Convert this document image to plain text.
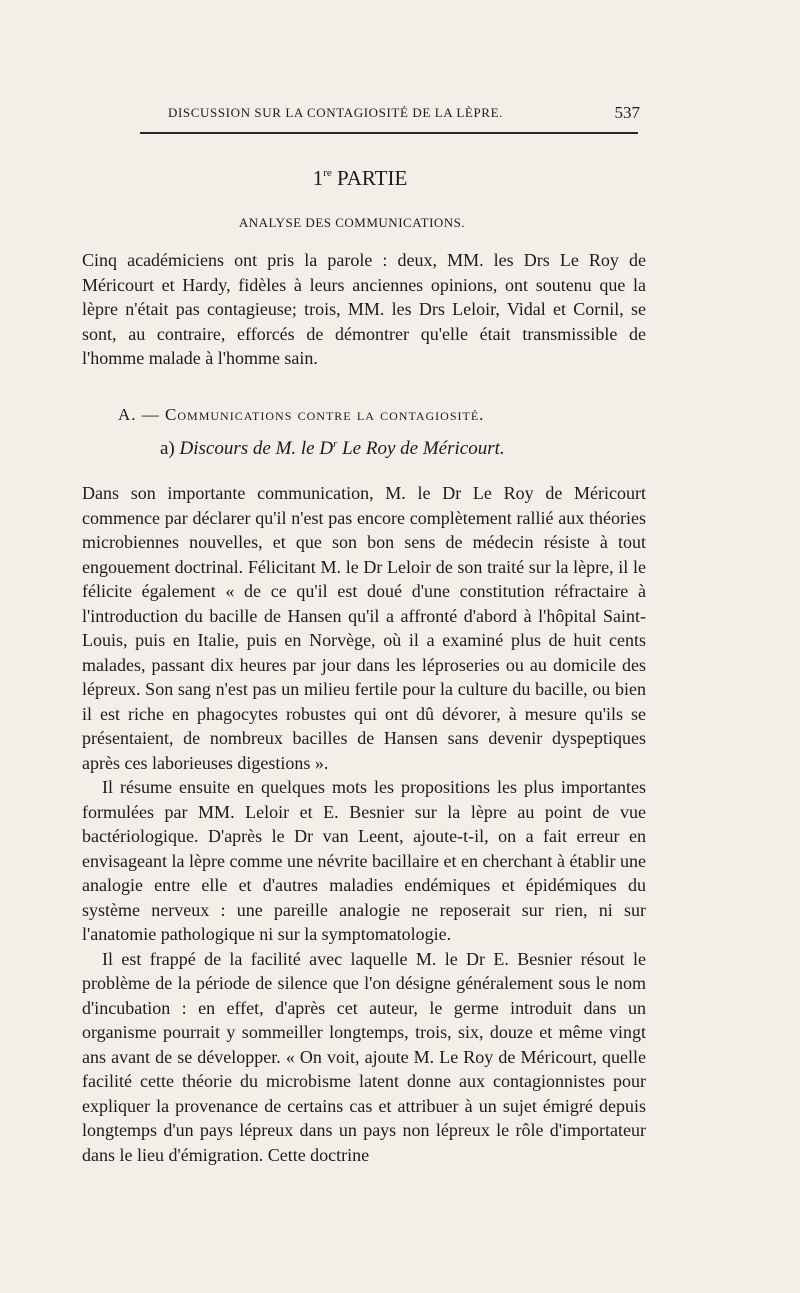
DISCUSSION SUR LA CONTAGIOSITÉ DE LA LÈPRE.	537
1re PARTIE
ANALYSE DES COMMUNICATIONS.

Cinq académiciens ont pris la parole : deux, MM. les Drs Le Roy de Méricourt et Hardy, fidèles à leurs anciennes opinions, ont soutenu que la lèpre n'était pas contagieuse; trois, MM. les Drs Leloir, Vidal et Cornil, se sont, au contraire, efforcés de démontrer qu'elle était transmissible de l'homme malade à l'homme sain.

A. — Communications contre la contagiosité.
a) Discours de M. le $D^r$ Le Roy de Méricourt.

Dans son importante communication, M. le Dr Le Roy de Méricourt commence par déclarer qu'il n'est pas encore complètement rallié aux théories microbiennes nouvelles, et que son bon sens de médecin résiste à tout engouement doctrinal. Félicitant M. le Dr Leloir de son traité sur la lèpre, il le félicite également « de ce qu'il est doué d'une constitution réfractaire à l'introduction du bacille de Hansen qu'il a affronté d'abord à l'hôpital Saint-Louis, puis en Italie, puis en Norvège, où il a examiné plus de huit cents malades, passant dix heures par jour dans les léproseries ou au domicile des lépreux. Son sang n'est pas un milieu fertile pour la culture du bacille, ou bien il est riche en phagocytes robustes qui ont dû dévorer, à mesure qu'ils se présentaient, de nombreux bacilles de Hansen sans devenir dyspeptiques après ces laborieuses digestions ».

Il résume ensuite en quelques mots les propositions les plus importantes formulées par MM. Leloir et E. Besnier sur la lèpre au point de vue bactériologique. D'après le Dr van Leent, ajoute-t-il, on a fait erreur en envisageant la lèpre comme une névrite bacillaire et en cherchant à établir une analogie entre elle et d'autres maladies endémiques et épidémiques du système nerveux : une pareille analogie ne reposerait sur rien, ni sur l'anatomie pathologique ni sur la symptomatologie.

Il est frappé de la facilité avec laquelle M. le Dr E. Besnier résout le problème de la période de silence que l'on désigne généralement sous le nom d'incubation : en effet, d'après cet auteur, le germe introduit dans un organisme pourrait y sommeiller longtemps, trois, six, douze et même vingt ans avant de se développer. « On voit, ajoute M. Le Roy de Méricourt, quelle facilité cette théorie du microbisme latent donne aux contagionnistes pour expliquer la provenance de certains cas et attribuer à un sujet émigré depuis longtemps d'un pays lépreux dans un pays non lépreux le rôle d'importateur dans le lieu d'émigration. Cette doctrine
